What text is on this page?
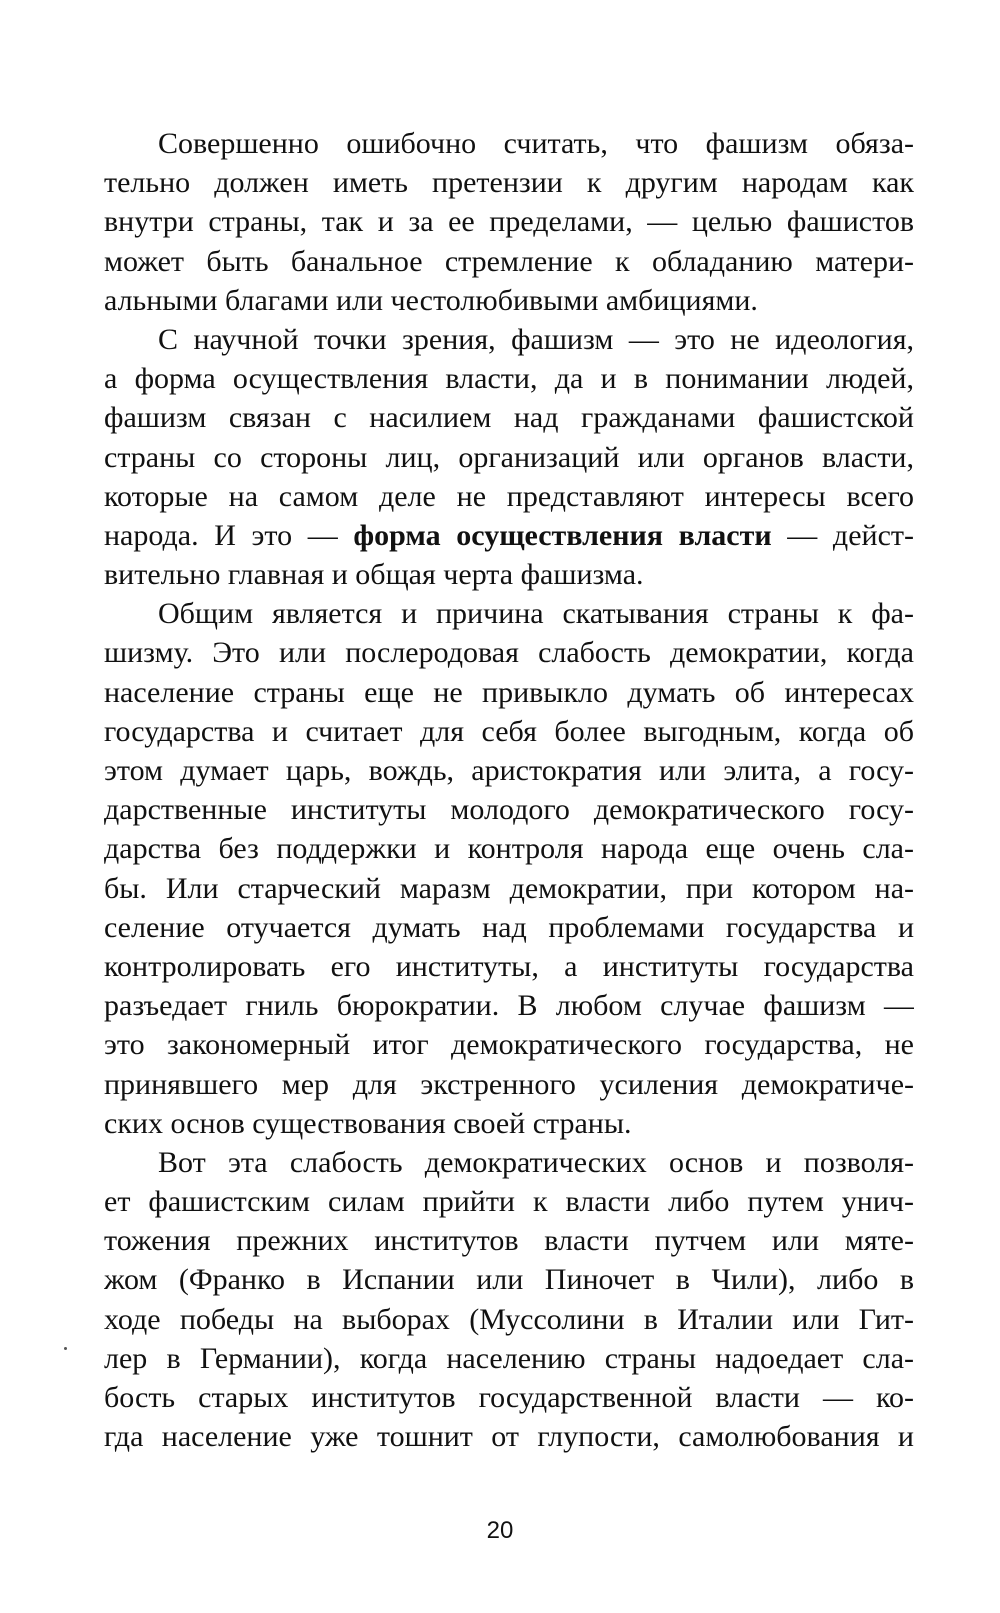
Совершенно ошибочно считать, что фашизм обяза-
тельно должен иметь претензии к другим народам как
внутри страны, так и за ее пределами, — целью фашистов
может быть банальное стремление к обладанию матери-
альными благами или честолюбивыми амбициями.
С научной точки зрения, фашизм — это не идеология,
а форма осуществления власти, да и в понимании людей,
фашизм связан с насилием над гражданами фашистской
страны со стороны лиц, организаций или органов власти,
которые на самом деле не представляют интересы всего
народа. И это — форма осуществления власти — дейст-
вительно главная и общая черта фашизма.
Общим является и причина скатывания страны к фа-
шизму. Это или послеродовая слабость демократии, когда
население страны еще не привыкло думать об интересах
государства и считает для себя более выгодным, когда об
этом думает царь, вождь, аристократия или элита, а госу-
дарственные институты молодого демократического госу-
дарства без поддержки и контроля народа еще очень сла-
бы. Или старческий маразм демократии, при котором на-
селение отучается думать над проблемами государства и
контролировать его институты, а институты государства
разъедает гниль бюрократии. В любом случае фашизм —
это закономерный итог демократического государства, не
принявшего мер для экстренного усиления демократиче-
ских основ существования своей страны.
Вот эта слабость демократических основ и позволя-
ет фашистским силам прийти к власти либо путем унич-
тожения прежних институтов власти путчем или мяте-
жом (Франко в Испании или Пиночет в Чили), либо в
ходе победы на выборах (Муссолини в Италии или Гит-
лер в Германии), когда населению страны надоедает сла-
бость старых институтов государственной власти — ко-
гда население уже тошнит от глупости, самолюбования и
20
